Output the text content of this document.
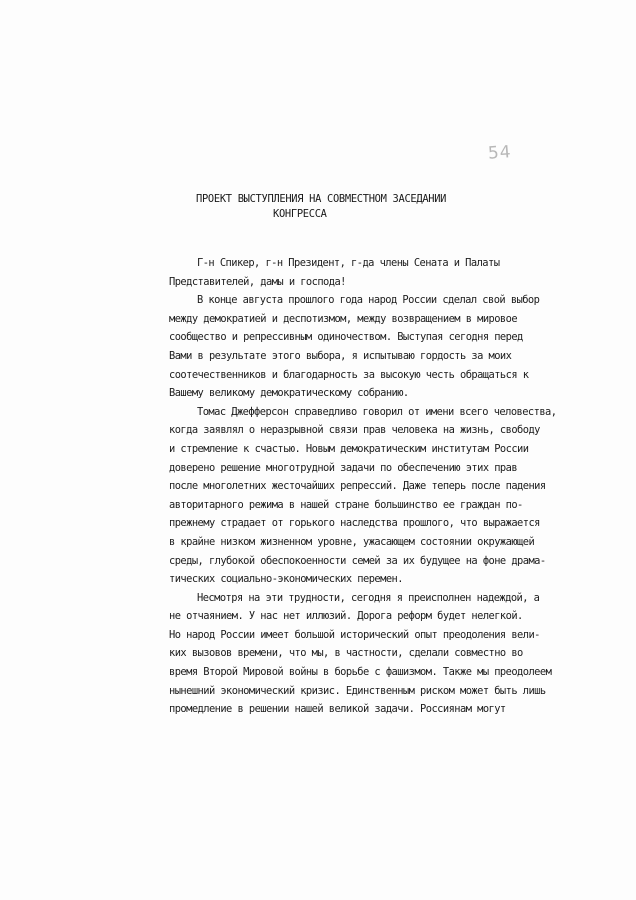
54
ПРОЕКТ ВЫСТУПЛЕНИЯ НА СОВМЕСТНОМ ЗАСЕДАНИИ
КОНГРЕССА
Г-н Спикер, г-н Президент, г-да члены Сената и Палаты
Представителей, дамы и господа!
В конце августа прошлого года народ России сделал свой выбор
между демократией и деспотизмом, между возвращением в мировое
сообщество и репрессивным одиночеством. Выступая сегодня перед
Вами в результате этого выбора, я испытываю гордость за моих
соотечественников и благодарность за высокую честь обращаться к
Вашему великому демократическому собранию.
Томас Джефферсон справедливо говорил от имени всего человества,
когда заявлял о неразрывной связи прав человека на жизнь, свободу
и стремление к счастью. Новым демократическим институтам России
доверено решение многотрудной задачи по обеспечению этих прав
после многолетних жесточайших репрессий. Даже теперь после падения
авторитарного режима в нашей стране большинство ее граждан по-
прежнему страдает от горького наследства прошлого, что выражается
в крайне низком жизненном уровне, ужасающем состоянии окружающей
среды, глубокой обеспокоенности семей за их будущее на фоне драма-
тических социально-экономических перемен.
Несмотря на эти трудности, сегодня я преисполнен надеждой, а
не отчаянием. У нас нет иллюзий. Дорога реформ будет нелегкой.
Но народ России имеет большой исторический опыт преодоления вели-
ких вызовов времени, что мы, в частности, сделали совместно во
время Второй Мировой войны в борьбе с фашизмом. Также мы преодолеем
нынешний экономический кризис. Единственным риском может быть лишь
промедление в решении нашей великой задачи. Россиянам могут
